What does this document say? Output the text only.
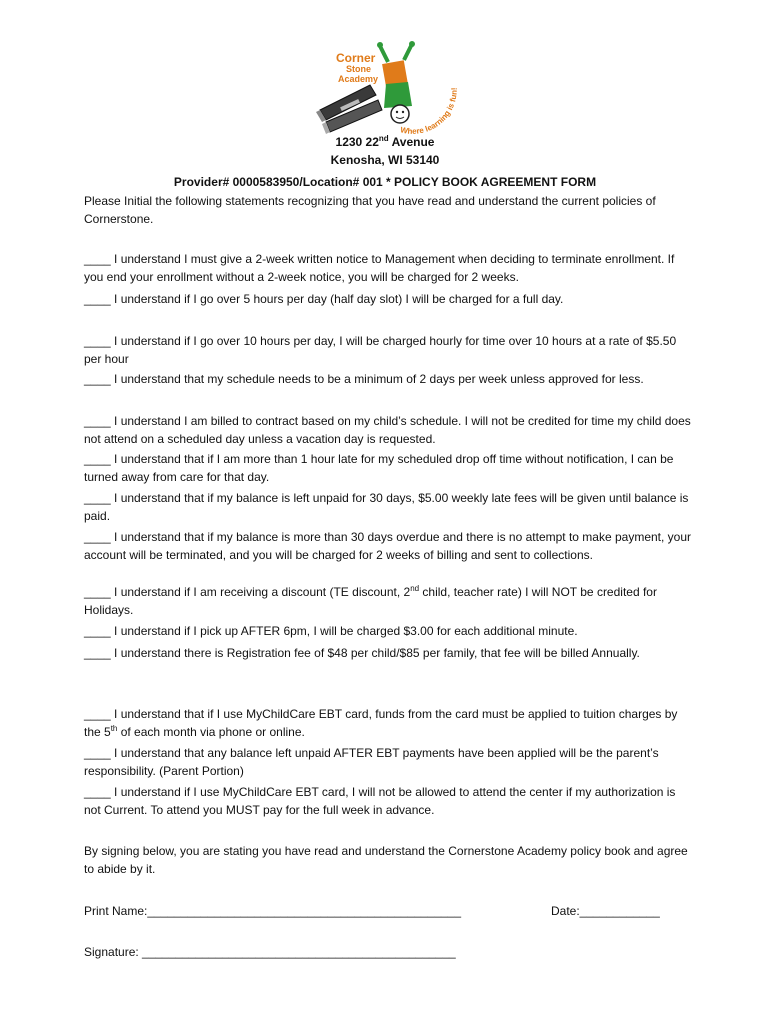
Corner
Stone
Academy
Where learning is fun!
1230 22nd Avenue
Kenosha, WI 53140
Provider# 0000583950/Location# 001 * POLICY BOOK AGREEMENT FORM

Please Initial the following statements recognizing that you have read and understand the current policies of Cornerstone.

____ I understand I must give a 2-week written notice to Management when deciding to terminate enrollment. If you end your enrollment without a 2-week notice, you will be charged for 2 weeks.

____ I understand if I go over 5 hours per day (half day slot) I will be charged for a full day.

____ I understand if I go over 10 hours per day, I will be charged hourly for time over 10 hours at a rate of $5.50 per hour

____ I understand that my schedule needs to be a minimum of 2 days per week unless approved for less.

____ I understand I am billed to contract based on my child’s schedule. I will not be credited for time my child does not attend on a scheduled day unless a vacation day is requested.

____ I understand that if I am more than 1 hour late for my scheduled drop off time without notification, I can be turned away from care for that day.

____ I understand that if my balance is left unpaid for 30 days, $5.00 weekly late fees will be given until balance is paid.

____ I understand that if my balance is more than 30 days overdue and there is no attempt to make payment, your account will be terminated, and you will be charged for 2 weeks of billing and sent to collections.

____ I understand if I am receiving a discount (TE discount, 2nd child, teacher rate) I will NOT be credited for Holidays.

____ I understand if I pick up AFTER 6pm, I will be charged $3.00 for each additional minute.

____ I understand there is Registration fee of $48 per child/$85 per family, that fee will be billed Annually.

____ I understand that if I use MyChildCare EBT card, funds from the card must be applied to tuition charges by the 5th of each month via phone or online.

____ I understand that any balance left unpaid AFTER EBT payments have been applied will be the parent’s responsibility. (Parent Portion)

____ I understand if I use MyChildCare EBT card, I will not be allowed to attend the center if my authorization is not Current. To attend you MUST pay for the full week in advance.

By signing below, you are stating you have read and understand the Cornerstone Academy policy book and agree to abide by it.

Print Name:_______________________________________________	Date:____________
Signature: _______________________________________________
